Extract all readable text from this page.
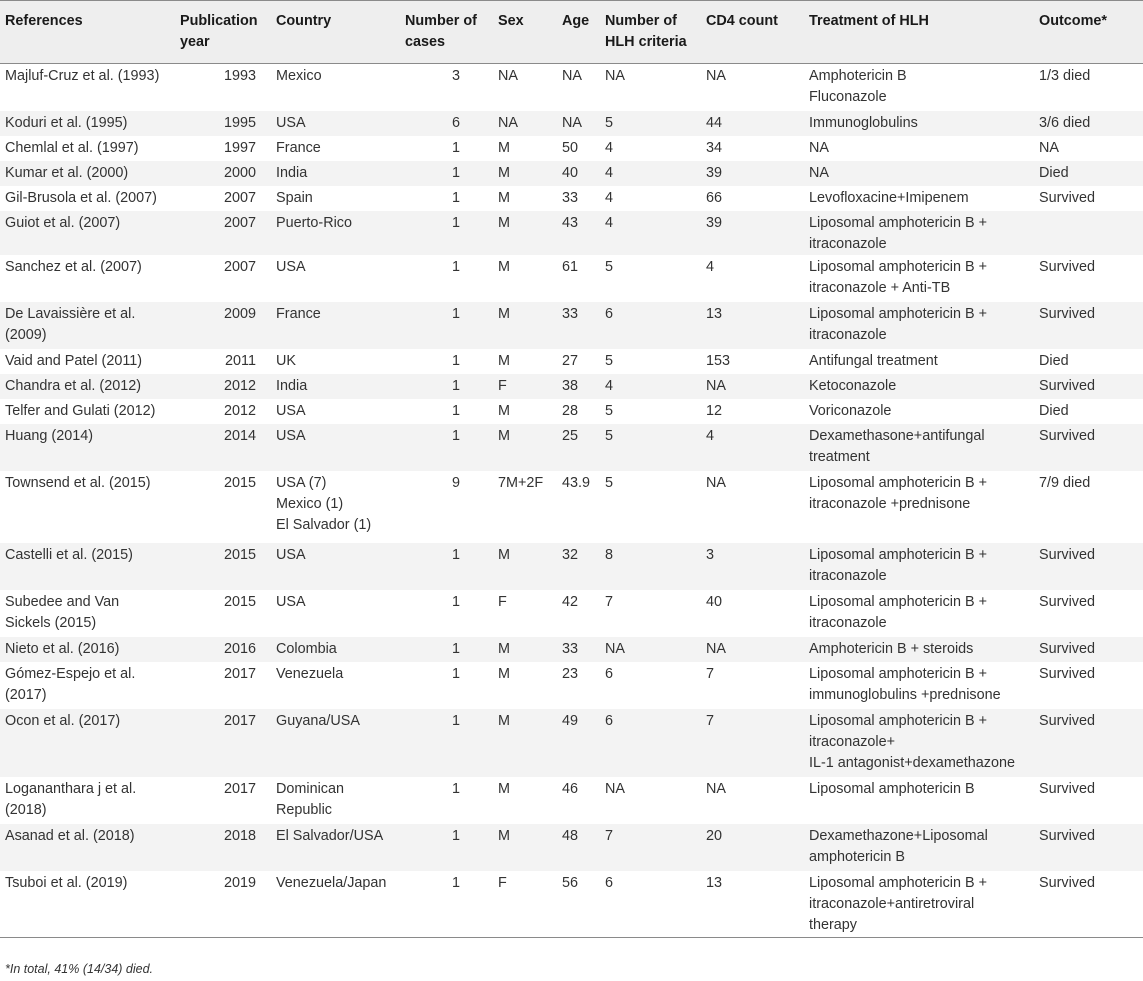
References	Publication
year	Country	Number of
cases	Sex	Age	Number of
HLH criteria	CD4 count	Treatment of HLH	Outcome*

Majluf-Cruz et al. (1993)	1993	Mexico	3	NA	NA	NA	NA	Amphotericin B
Fluconazole	1/3 died

Koduri et al. (1995)	1995	USA	6	NA	NA	5	44	Immunoglobulins	3/6 died

Chemlal et al. (1997)	1997	France	1	M	50	4	34	NA	NA

Kumar et al. (2000)	2000	India	1	M	40	4	39	NA	Died

Gil-Brusola et al. (2007)	2007	Spain	1	M	33	4	66	Levofloxacine+Imipenem	Survived

Guiot et al. (2007)	2007	Puerto-Rico	1	M	43	4	39	Liposomal amphotericin B +
itraconazole	

Sanchez et al. (2007)	2007	USA	1	M	61	5	4	Liposomal amphotericin B +
itraconazole + Anti-TB	Survived

De Lavaissière et al.
(2009)	2009	France	1	M	33	6	13	Liposomal amphotericin B +
itraconazole	Survived

Vaid and Patel (2011)	2011	UK	1	M	27	5	153	Antifungal treatment	Died

Chandra et al. (2012)	2012	India	1	F	38	4	NA	Ketoconazole	Survived

Telfer and Gulati (2012)	2012	USA	1	M	28	5	12	Voriconazole	Died

Huang (2014)	2014	USA	1	M	25	5	4	Dexamethasone+antifungal
treatment	Survived

Townsend et al. (2015)	2015	USA (7)
Mexico (1)
El Salvador (1)	9	7M+2F	43.9	5	NA	Liposomal amphotericin B +
itraconazole +prednisone	7/9 died

Castelli et al. (2015)	2015	USA	1	M	32	8	3	Liposomal amphotericin B +
itraconazole	Survived

Subedee and Van
Sickels (2015)	2015	USA	1	F	42	7	40	Liposomal amphotericin B +
itraconazole	Survived

Nieto et al. (2016)	2016	Colombia	1	M	33	NA	NA	Amphotericin B + steroids	Survived

Gómez-Espejo et al.
(2017)	2017	Venezuela	1	M	23	6	7	Liposomal amphotericin B +
immunoglobulins +prednisone	Survived

Ocon et al. (2017)	2017	Guyana/USA	1	M	49	6	7	Liposomal amphotericin B +
itraconazole+
IL-1 antagonist+dexamethazone	Survived

Logananthara j et al.
(2018)	2017	Dominican
Republic	1	M	46	NA	NA	Liposomal amphotericin B	Survived

Asanad et al. (2018)	2018	El Salvador/USA	1	M	48	7	20	Dexamethazone+Liposomal
amphotericin B	Survived

Tsuboi et al. (2019)	2019	Venezuela/Japan	1	F	56	6	13	Liposomal amphotericin B +
itraconazole+antiretroviral
therapy	Survived
*In total, 41% (14/34) died.
